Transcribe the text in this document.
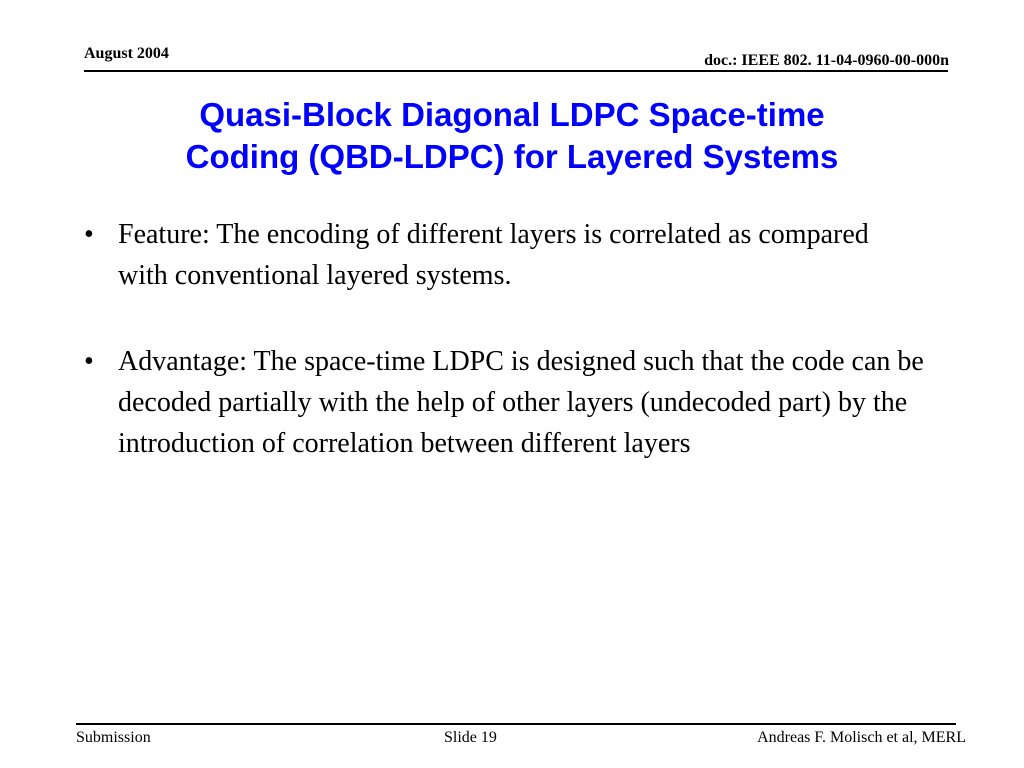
August 2004	doc.: IEEE 802. 11-04-0960-00-000n
Quasi-Block Diagonal LDPC Space-time
Coding (QBD-LDPC) for Layered Systems
• Feature: The encoding of different layers is correlated as compared with conventional layered systems.
• Advantage: The space-time LDPC is designed such that the code can be decoded partially with the help of other layers (undecoded part) by the introduction of correlation between different layers
Submission	Slide 19	Andreas F. Molisch et al, MERL
